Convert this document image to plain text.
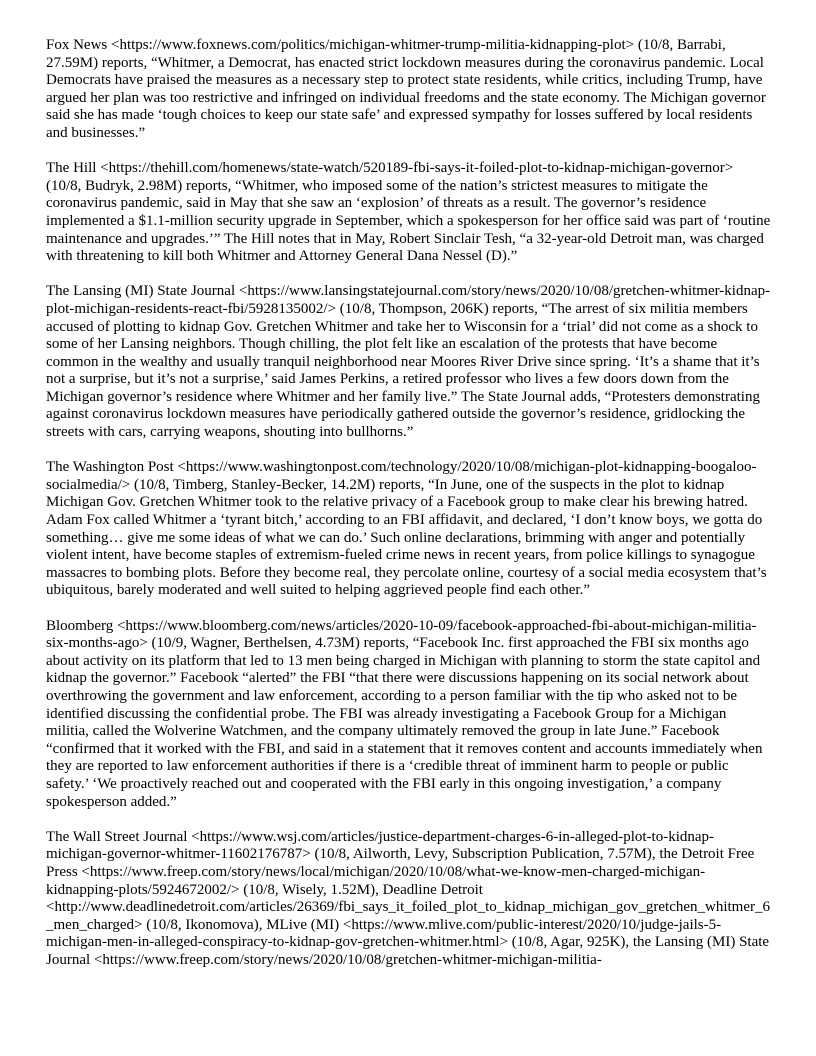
Fox News <https://www.foxnews.com/politics/michigan-whitmer-trump-militia-kidnapping-plot> (10/8, Barrabi, 27.59M) reports, “Whitmer, a Democrat, has enacted strict lockdown measures during the coronavirus pandemic. Local Democrats have praised the measures as a necessary step to protect state residents, while critics, including Trump, have argued her plan was too restrictive and infringed on individual freedoms and the state economy. The Michigan governor said she has made ‘tough choices to keep our state safe’ and expressed sympathy for losses suffered by local residents and businesses.”

The Hill <https://thehill.com/homenews/state-watch/520189-fbi-says-it-foiled-plot-to-kidnap-michigan-governor> (10/8, Budryk, 2.98M) reports, “Whitmer, who imposed some of the nation’s strictest measures to mitigate the coronavirus pandemic, said in May that she saw an ‘explosion’ of threats as a result. The governor’s residence implemented a $1.1-million security upgrade in September, which a spokesperson for her office said was part of ‘routine maintenance and upgrades.’” The Hill notes that in May, Robert Sinclair Tesh, “a 32-year-old Detroit man, was charged with threatening to kill both Whitmer and Attorney General Dana Nessel (D).”

The Lansing (MI) State Journal <https://www.lansingstatejournal.com/story/news/2020/10/08/gretchen-whitmer-kidnap-plot-michigan-residents-react-fbi/5928135002/> (10/8, Thompson, 206K) reports, “The arrest of six militia members accused of plotting to kidnap Gov. Gretchen Whitmer and take her to Wisconsin for a ‘trial’ did not come as a shock to some of her Lansing neighbors. Though chilling, the plot felt like an escalation of the protests that have become common in the wealthy and usually tranquil neighborhood near Moores River Drive since spring. ‘It’s a shame that it’s not a surprise, but it’s not a surprise,’ said James Perkins, a retired professor who lives a few doors down from the Michigan governor’s residence where Whitmer and her family live.” The State Journal adds, “Protesters demonstrating against coronavirus lockdown measures have periodically gathered outside the governor’s residence, gridlocking the streets with cars, carrying weapons, shouting into bullhorns.”

The Washington Post <https://www.washingtonpost.com/technology/2020/10/08/michigan-plot-kidnapping-boogaloo-socialmedia/> (10/8, Timberg, Stanley-Becker, 14.2M) reports, “In June, one of the suspects in the plot to kidnap Michigan Gov. Gretchen Whitmer took to the relative privacy of a Facebook group to make clear his brewing hatred. Adam Fox called Whitmer a ‘tyrant bitch,’ according to an FBI affidavit, and declared, ‘I don’t know boys, we gotta do something… give me some ideas of what we can do.’ Such online declarations, brimming with anger and potentially violent intent, have become staples of extremism-fueled crime news in recent years, from police killings to synagogue massacres to bombing plots. Before they become real, they percolate online, courtesy of a social media ecosystem that’s ubiquitous, barely moderated and well suited to helping aggrieved people find each other.”

Bloomberg <https://www.bloomberg.com/news/articles/2020-10-09/facebook-approached-fbi-about-michigan-militia-six-months-ago> (10/9, Wagner, Berthelsen, 4.73M) reports, “Facebook Inc. first approached the FBI six months ago about activity on its platform that led to 13 men being charged in Michigan with planning to storm the state capitol and kidnap the governor.” Facebook “alerted” the FBI “that there were discussions happening on its social network about overthrowing the government and law enforcement, according to a person familiar with the tip who asked not to be identified discussing the confidential probe. The FBI was already investigating a Facebook Group for a Michigan militia, called the Wolverine Watchmen, and the company ultimately removed the group in late June.” Facebook “confirmed that it worked with the FBI, and said in a statement that it removes content and accounts immediately when they are reported to law enforcement authorities if there is a ‘credible threat of imminent harm to people or public safety.’ ‘We proactively reached out and cooperated with the FBI early in this ongoing investigation,’ a company spokesperson added.”

The Wall Street Journal <https://www.wsj.com/articles/justice-department-charges-6-in-alleged-plot-to-kidnap-michigan-governor-whitmer-11602176787> (10/8, Ailworth, Levy, Subscription Publication, 7.57M), the Detroit Free Press <https://www.freep.com/story/news/local/michigan/2020/10/08/what-we-know-men-charged-michigan-kidnapping-plots/5924672002/> (10/8, Wisely, 1.52M), Deadline Detroit <http://www.deadlinedetroit.com/articles/26369/fbi_says_it_foiled_plot_to_kidnap_michigan_gov_gretchen_whitmer_6_men_charged> (10/8, Ikonomova), MLive (MI) <https://www.mlive.com/public-interest/2020/10/judge-jails-5-michigan-men-in-alleged-conspiracy-to-kidnap-gov-gretchen-whitmer.html> (10/8, Agar, 925K), the Lansing (MI) State Journal <https://www.freep.com/story/news/2020/10/08/gretchen-whitmer-michigan-militia-
